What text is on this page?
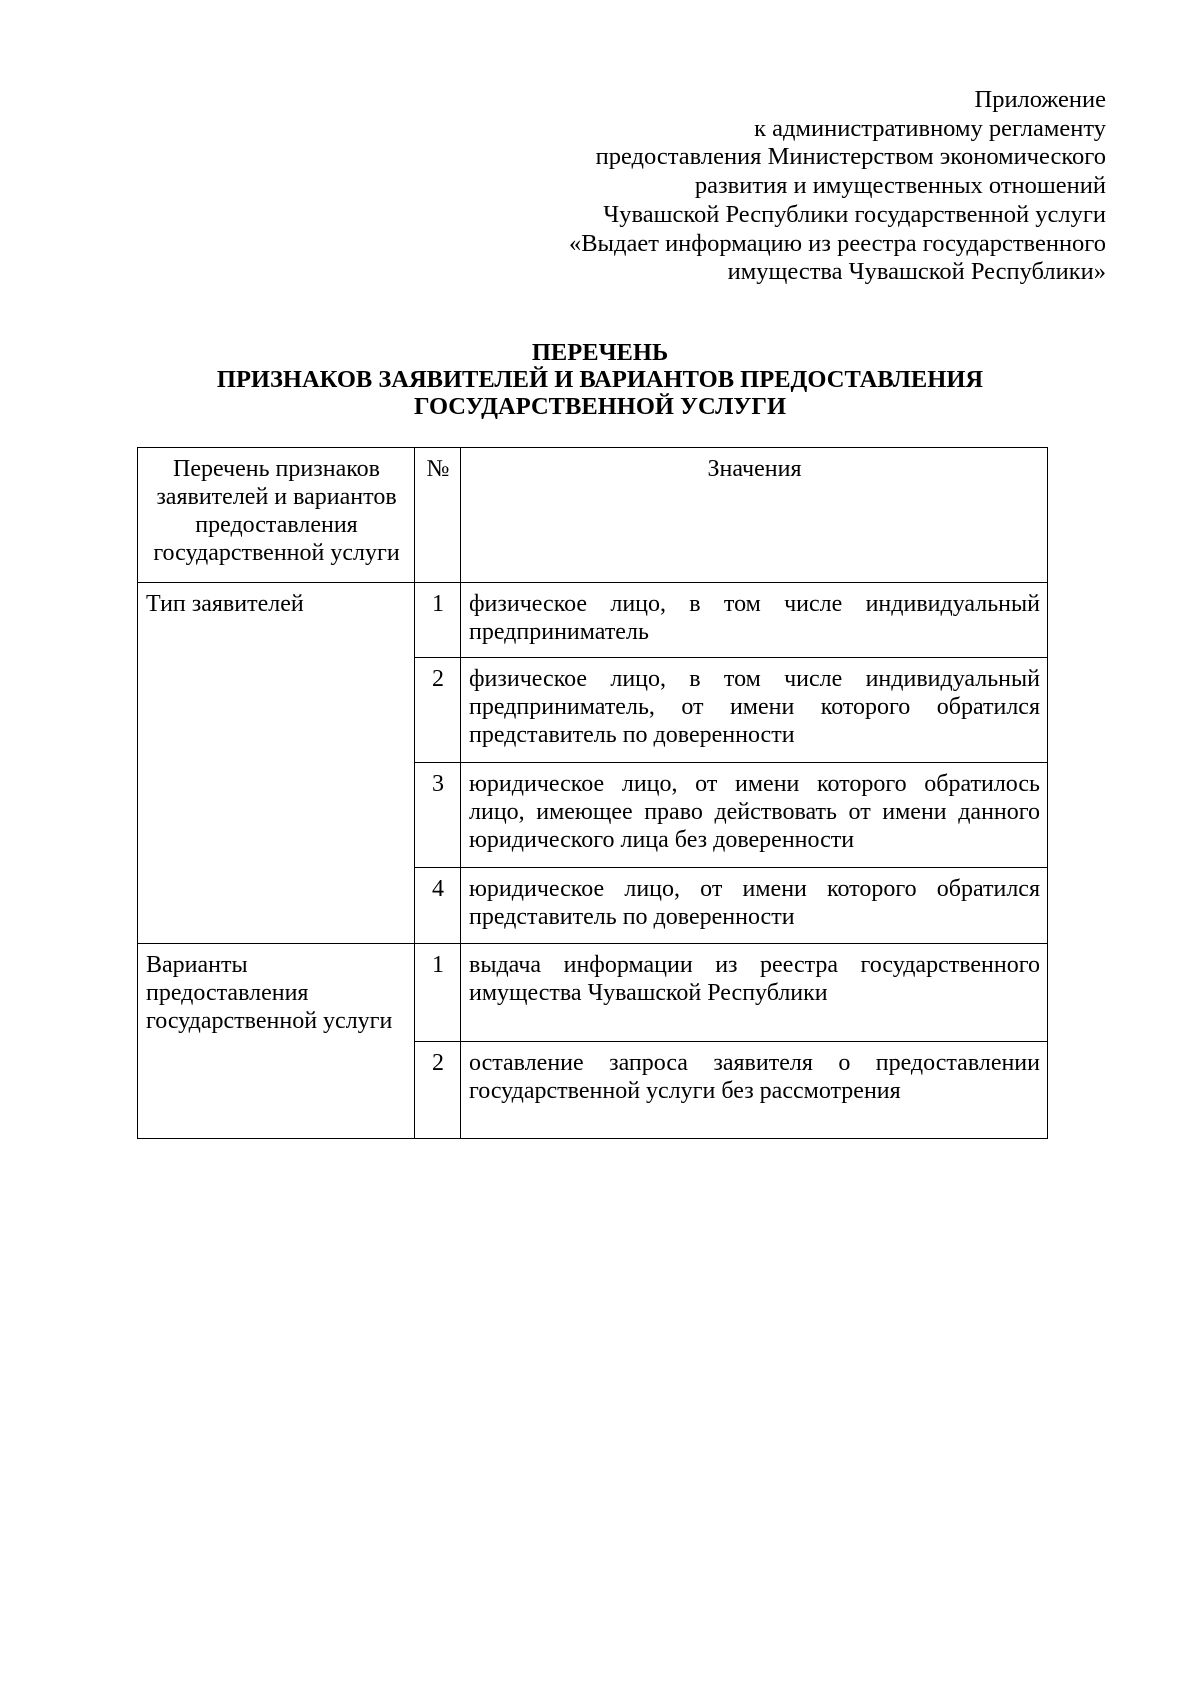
Приложение
к административному регламенту
предоставления Министерством экономического
развития и имущественных отношений
Чувашской Республики государственной услуги
«Выдает информацию из реестра государственного
имущества Чувашской Республики»
ПЕРЕЧЕНЬ
ПРИЗНАКОВ ЗАЯВИТЕЛЕЙ И ВАРИАНТОВ ПРЕДОСТАВЛЕНИЯ
ГОСУДАРСТВЕННОЙ УСЛУГИ
Перечень признаков заявителей и вариантов предоставления государственной услуги	№	Значения
Тип заявителей	1	физическое лицо, в том числе индивидуальный предприниматель
	2	физическое лицо, в том числе индивидуальный предприниматель, от имени которого обратился представитель по доверенности
	3	юридическое лицо, от имени которого обратилось лицо, имеющее право действовать от имени данного юридического лица без доверенности
	4	юридическое лицо, от имени которого обратился представитель по доверенности
Варианты предоставления государственной услуги	1	выдача информации из реестра государственного имущества Чувашской Республики
	2	оставление запроса заявителя о предоставлении государственной услуги без рассмотрения
